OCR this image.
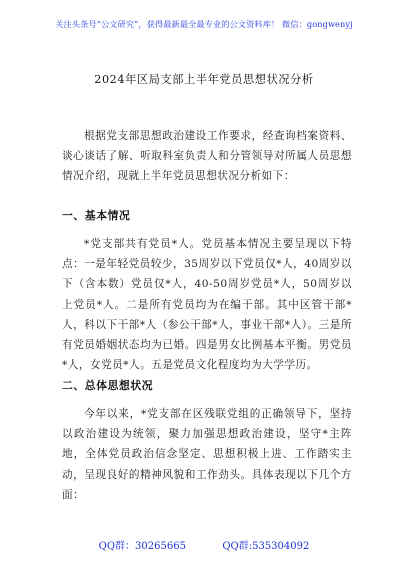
关注头条号“公文研究”，获得最新最全最专业的公文资料库！ 微信：gongwenyj
2024年区局支部上半年党员思想状况分析
根据党支部思想政治建设工作要求，经查询档案资料、谈心谈话了解、听取科室负责人和分管领导对所属人员思想情况介绍，现就上半年党员思想状况分析如下：
一、基本情况
*党支部共有党员*人。党员基本情况主要呈现以下特点：一是年轻党员较少，35周岁以下党员仅*人，40周岁以下（含本数）党员仅*人，40-50周岁党员*人，50周岁以上党员*人。二是所有党员均为在编干部。其中区管干部*人，科以下干部*人（参公干部*人，事业干部*人）。三是所有党员婚姻状态均为已婚。四是男女比例基本平衡。男党员*人，女党员*人。五是党员文化程度均为大学学历。
二、总体思想状况
今年以来，*党支部在区残联党组的正确领导下，坚持以政治建设为统领，聚力加强思想政治建设，坚守*主阵地，全体党员政治信念坚定、思想积极上进、工作踏实主动，呈现良好的精神风貌和工作劲头。具体表现以下几个方面：
QQ群：30265665	QQ群:535304092
